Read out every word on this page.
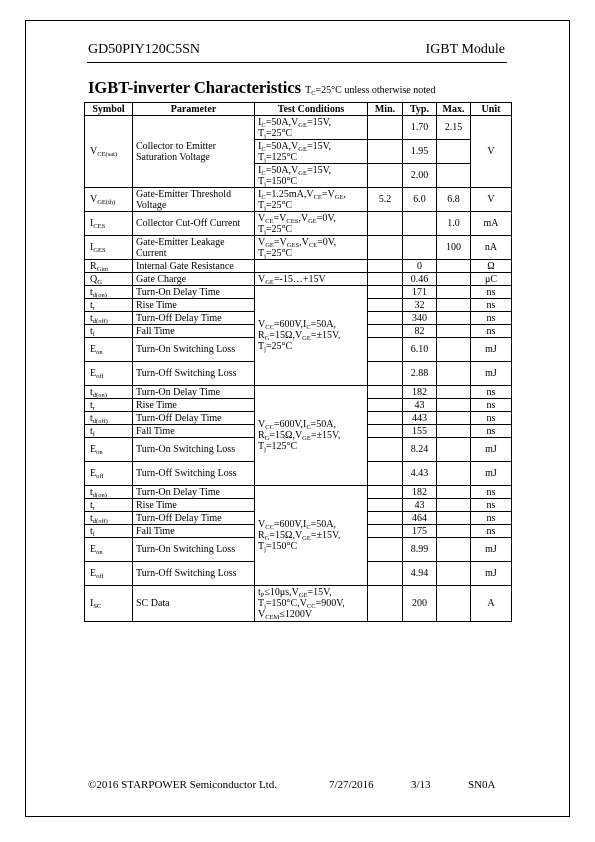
GD50PIY120C5SN	IGBT Module
IGBT-inverter Characteristics $T_C=25^\circ C$ unless otherwise noted
Symbol	Parameter	Test Conditions	Min.	Typ.	Max.	Unit
$V_{CE(sat)}$	Collector to Emitter Saturation Voltage	$I_C=50A,V_{GE}=15V$,
$T_j=25^\circ C$		1.70	2.15	V
		$I_C=50A,V_{GE}=15V$,
$T_j=125^\circ C$		1.95		
		$I_C=50A,V_{GE}=15V$,
$T_j=150^\circ C$		2.00		
$V_{GE(th)}$	Gate-Emitter Threshold Voltage	$I_C=1.25mA,V_{CE}=V_{GE}$,
$T_j=25^\circ C$	5.2	6.0	6.8	V
$I_{CES}$	Collector Cut-Off Current	$V_{CE}=V_{CES},V_{GE}=0V$,
$T_j=25^\circ C$			1.0	mA
$I_{GES}$	Gate-Emitter Leakage Current	$V_{GE}=V_{GES},V_{CE}=0V$,
$T_j=25^\circ C$			100	nA
$R_{Gint}$	Internal Gate Resistance			0		Ω
$Q_G$	Gate Charge	$V_{GE}=-15\dots+15V$		0.46		μC
$t_{d(on)}$	Turn-On Delay Time	$V_{CC}=600V,I_C=50A$,
$R_G=15\Omega,V_{GE}=\pm 15V$,
$T_j=25^\circ C$		171		ns
$t_r$	Rise Time			32		ns
$t_{d(off)}$	Turn-Off Delay Time			340		ns
$t_f$	Fall Time			82		ns
$E_{on}$	Turn-On Switching Loss			6.10		mJ
$E_{off}$	Turn-Off Switching Loss			2.88		mJ
$t_{d(on)}$	Turn-On Delay Time	$V_{CC}=600V,I_C=50A$,
$R_G=15\Omega,V_{GE}=\pm 15V$,
$T_j=125^\circ C$		182		ns
$t_r$	Rise Time			43		ns
$t_{d(off)}$	Turn-Off Delay Time			443		ns
$t_f$	Fall Time			155		ns
$E_{on}$	Turn-On Switching Loss			8.24		mJ
$E_{off}$	Turn-Off Switching Loss			4.43		mJ
$t_{d(on)}$	Turn-On Delay Time	$V_{CC}=600V,I_C=50A$,
$R_G=15\Omega,V_{GE}=\pm 15V$,
$T_j=150^\circ C$		182		ns
$t_r$	Rise Time			43		ns
$t_{d(off)}$	Turn-Off Delay Time			464		ns
$t_f$	Fall Time			175		ns
$E_{on}$	Turn-On Switching Loss			8.99		mJ
$E_{off}$	Turn-Off Switching Loss			4.94		mJ
$I_{SC}$	SC Data	$t_P\le 10\mu s,V_{GE}=15V$,
$T_j=150^\circ C,V_{CC}=900V$,
$V_{CEM}\le 1200V$		200		A
©2016 STARPOWER Semiconductor Ltd.	7/27/2016	3/13	SN0A
